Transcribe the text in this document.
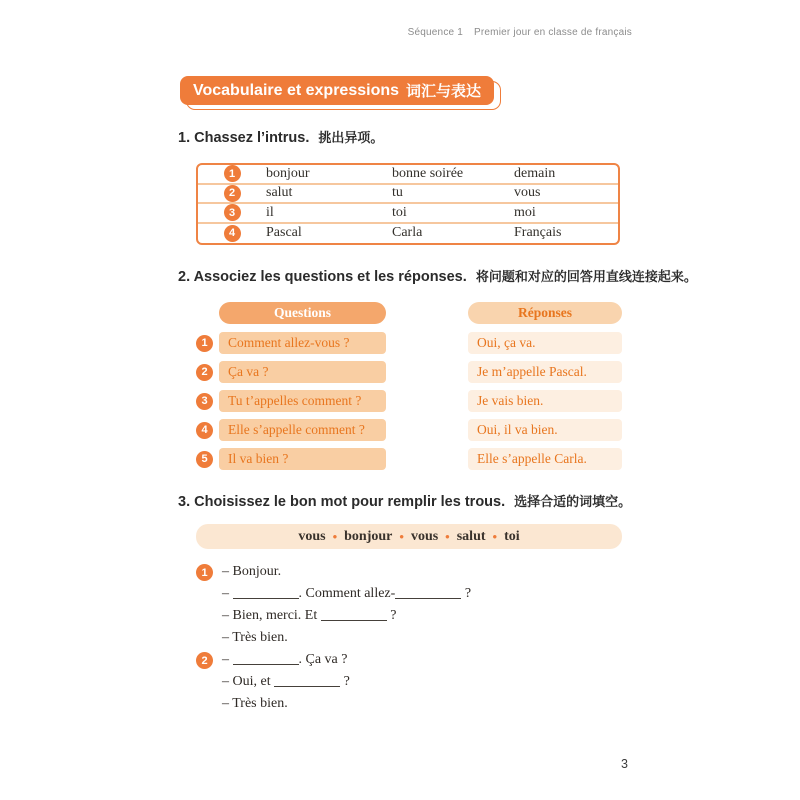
Séquence 1 Premier jour en classe de français
Vocabulaire et expressions 词汇与表达
1. Chassez l’intrus. 挑出异项。
1	bonjour	bonne soirée	demain
2	salut	tu	vous
3	il	toi	moi
4	Pascal	Carla	Français
2. Associez les questions et les réponses. 将问题和对应的回答用直线连接起来。
Questions
1	Comment allez-vous ?
2	Ça va ?
3	Tu t’appelles comment ?
4	Elle s’appelle comment ?
5	Il va bien ?
Réponses
Oui, ça va.
Je m’appelle Pascal.
Je vais bien.
Oui, il va bien.
Elle s’appelle Carla.
3. Choisissez le bon mot pour remplir les trous. 选择合适的词填空。
vous • bonjour • vous • salut • toi
1	– Bonjour.
–	. Comment allez-	?
– Bien, merci. Et	?
– Très bien.
2	–	. Ça va ?
– Oui, et	?
– Très bien.
3
